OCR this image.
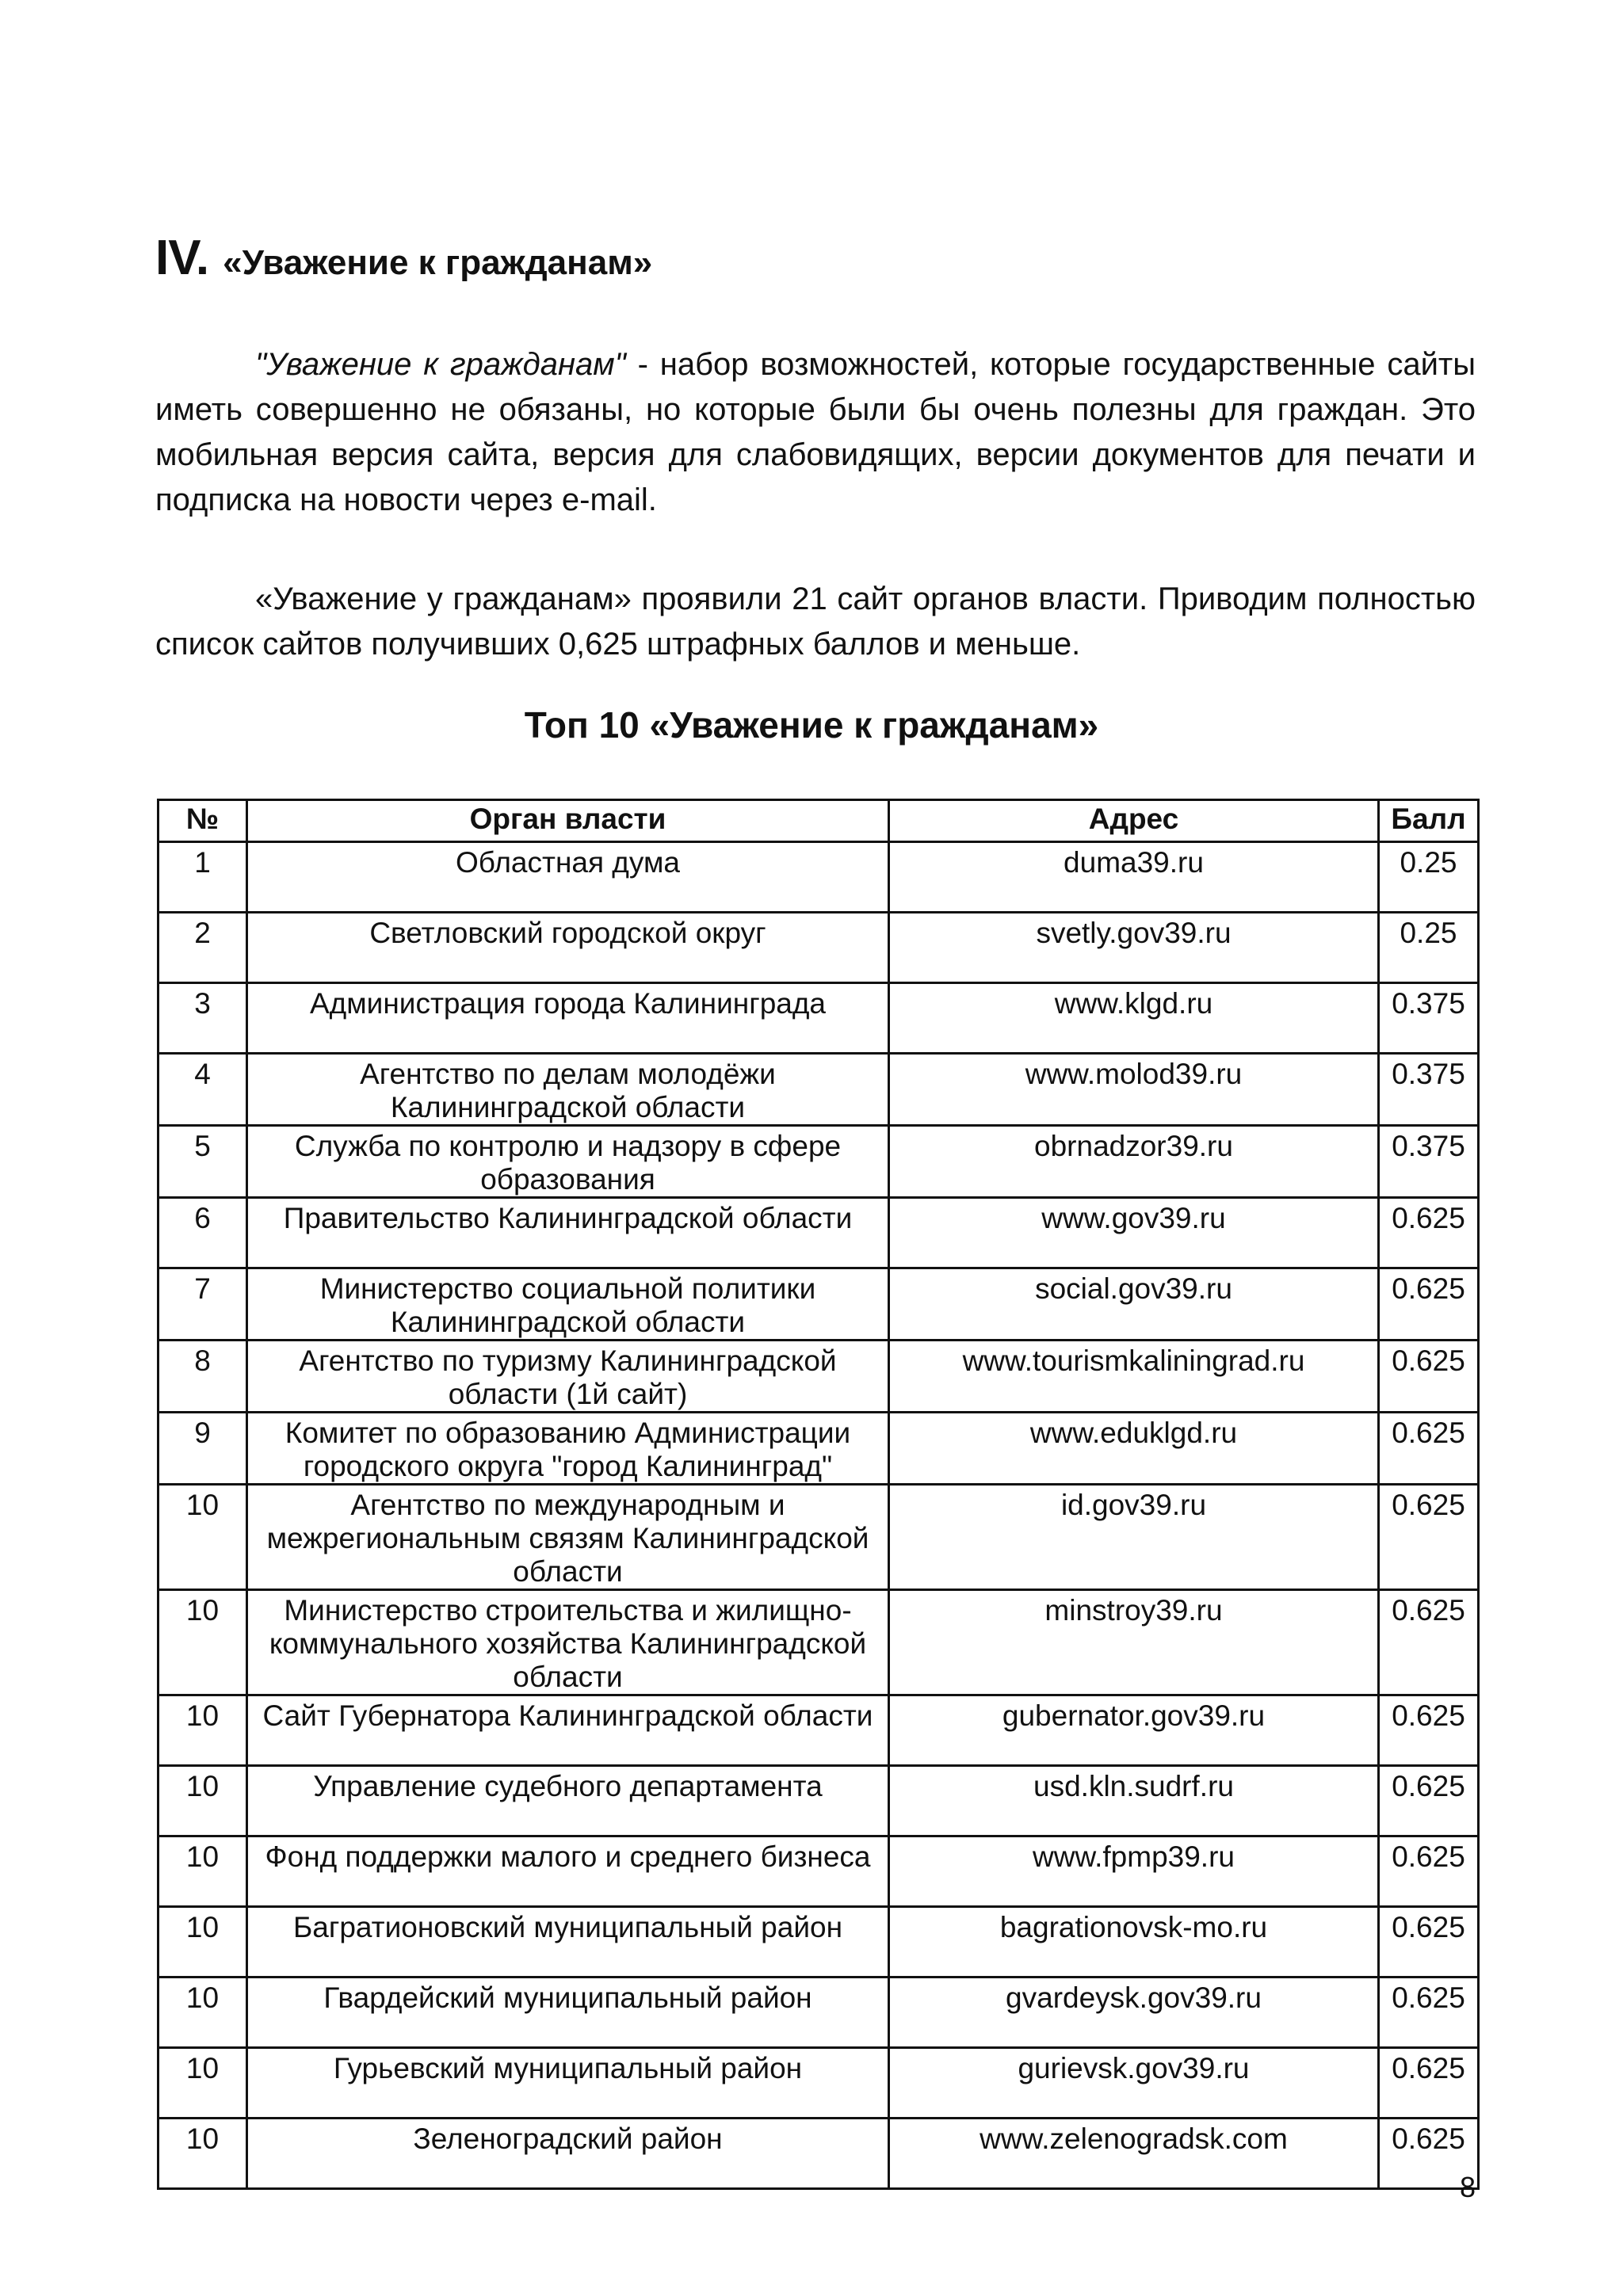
IV. «Уважение к гражданам»
"Уважение к гражданам" - набор возможностей, которые государственные сайты иметь совершенно не обязаны, но которые были бы очень полезны для граждан. Это мобильная версия сайта, версия для слабовидящих, версии документов для печати и подписка на новости через e-mail.
«Уважение у гражданам» проявили 21 сайт органов власти. Приводим полностью список сайтов получивших 0,625 штрафных баллов и меньше.
Топ 10 «Уважение к гражданам»
№	Орган власти	Адрес	Балл
1	Областная дума	duma39.ru	0.25
2	Светловский городской округ	svetly.gov39.ru	0.25
3	Администрация города Калининграда	www.klgd.ru	0.375
4	Агентство по делам молодёжи Калининградской области	www.molod39.ru	0.375
5	Служба по контролю и надзору в сфере образования	obrnadzor39.ru	0.375
6	Правительство Калининградской области	www.gov39.ru	0.625
7	Министерство социальной политики Калининградской области	social.gov39.ru	0.625
8	Агентство по туризму Калининградской области (1й сайт)	www.tourismkaliningrad.ru	0.625
9	Комитет по образованию Администрации городского округа "город Калининград"	www.eduklgd.ru	0.625
10	Агентство по международным и межрегиональным связям Калининградской области	id.gov39.ru	0.625
10	Министерство строительства и жилищно-коммунального хозяйства Калининградской области	minstroy39.ru	0.625
10	Сайт Губернатора Калининградской области	gubernator.gov39.ru	0.625
10	Управление судебного департамента	usd.kln.sudrf.ru	0.625
10	Фонд поддержки малого и среднего бизнеса	www.fpmp39.ru	0.625
10	Багратионовский муниципальный район	bagrationovsk-mo.ru	0.625
10	Гвардейский муниципальный район	gvardeysk.gov39.ru	0.625
10	Гурьевский муниципальный район	gurievsk.gov39.ru	0.625
10	Зеленоградский район	www.zelenogradsk.com	0.625
8
